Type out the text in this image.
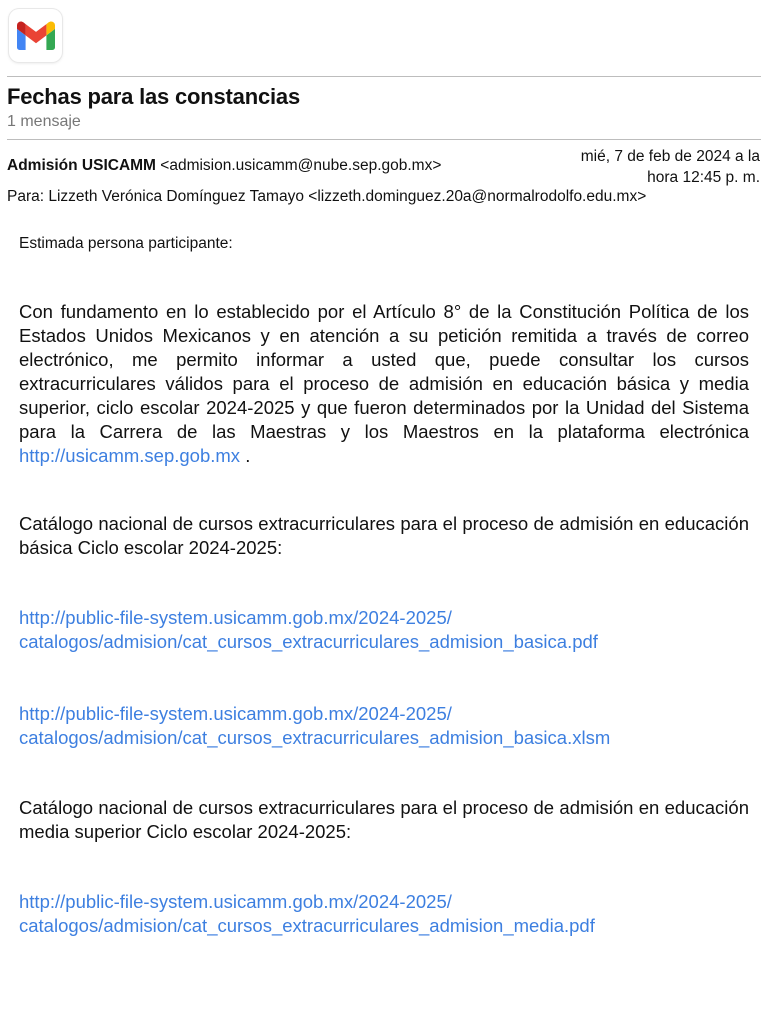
Fechas para las constancias
1 mensaje
Admisión USICAMM <admision.usicamm@nube.sep.gob.mx>
mié, 7 de feb de 2024 a la
hora 12:45 p. m.
Para: Lizzeth Verónica Domínguez Tamayo <lizzeth.dominguez.20a@normalrodolfo.edu.mx>
Estimada persona participante:
Con fundamento en lo establecido por el Artículo 8° de la Constitución Política de los Estados Unidos Mexicanos y en atención a su petición remitida a través de correo electrónico, me permito informar a usted que, puede consultar los cursos extracurriculares válidos para el proceso de admisión en educación básica y media superior, ciclo escolar 2024-2025 y que fueron determinados por la Unidad del Sistema para la Carrera de las Maestras y los Maestros en la plataforma electrónica http://usicamm.sep.gob.mx .
Catálogo nacional de cursos extracurriculares para el proceso de admisión en educación básica Ciclo escolar 2024-2025:
http://public-file-system.usicamm.gob.mx/2024-2025/
catalogos/admision/cat_cursos_extracurriculares_admision_basica.pdf
http://public-file-system.usicamm.gob.mx/2024-2025/
catalogos/admision/cat_cursos_extracurriculares_admision_basica.xlsm
Catálogo nacional de cursos extracurriculares para el proceso de admisión en educación media superior Ciclo escolar 2024-2025:
http://public-file-system.usicamm.gob.mx/2024-2025/
catalogos/admision/cat_cursos_extracurriculares_admision_media.pdf
